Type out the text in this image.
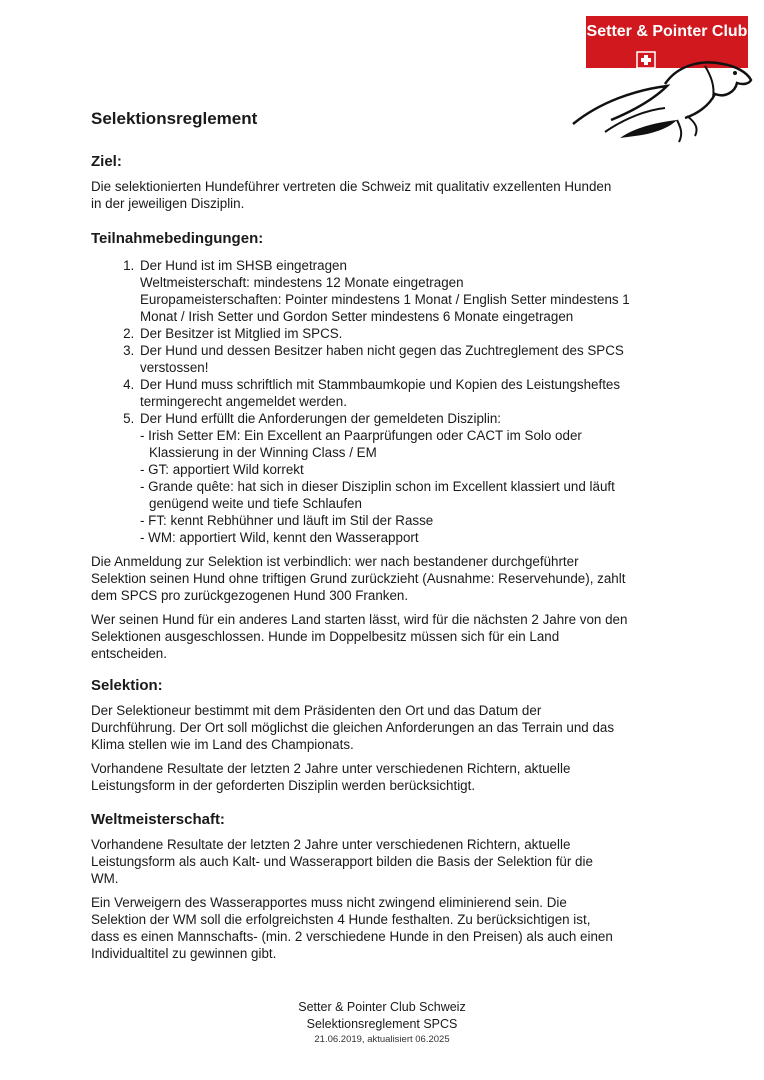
Setter & Pointer Club
Selektionsreglement
Ziel:

Die selektionierten Hundeführer vertreten die Schweiz mit qualitativ exzellenten Hunden
in der jeweiligen Disziplin.

Teilnahmebedingungen:
1. Der Hund ist im SHSB eingetragen
Weltmeisterschaft: mindestens 12 Monate eingetragen
Europameisterschaften: Pointer mindestens 1 Monat / English Setter mindestens 1
Monat / Irish Setter und Gordon Setter mindestens 6 Monate eingetragen
2. Der Besitzer ist Mitglied im SPCS.
3. Der Hund und dessen Besitzer haben nicht gegen das Zuchtreglement des SPCS
verstossen!
4. Der Hund muss schriftlich mit Stammbaumkopie und Kopien des Leistungsheftes
termingerecht angemeldet werden.
5. Der Hund erfüllt die Anforderungen der gemeldeten Disziplin:
- Irish Setter EM: Ein Excellent an Paarprüfungen oder CACT im Solo oder
Klassierung in der Winning Class / EM
- GT: apportiert Wild korrekt
- Grande quête: hat sich in dieser Disziplin schon im Excellent klassiert und läuft
genügend weite und tiefe Schlaufen
- FT: kennt Rebhühner und läuft im Stil der Rasse
- WM: apportiert Wild, kennt den Wasserapport

Die Anmeldung zur Selektion ist verbindlich: wer nach bestandener durchgeführter
Selektion seinen Hund ohne triftigen Grund zurückzieht (Ausnahme: Reservehunde), zahlt
dem SPCS pro zurückgezogenen Hund 300 Franken.

Wer seinen Hund für ein anderes Land starten lässt, wird für die nächsten 2 Jahre von den
Selektionen ausgeschlossen. Hunde im Doppelbesitz müssen sich für ein Land
entscheiden.

Selektion:

Der Selektioneur bestimmt mit dem Präsidenten den Ort und das Datum der
Durchführung. Der Ort soll möglichst die gleichen Anforderungen an das Terrain und das
Klima stellen wie im Land des Championats.

Vorhandene Resultate der letzten 2 Jahre unter verschiedenen Richtern, aktuelle
Leistungsform in der geforderten Disziplin werden berücksichtigt.

Weltmeisterschaft:

Vorhandene Resultate der letzten 2 Jahre unter verschiedenen Richtern, aktuelle
Leistungsform als auch Kalt- und Wasserapport bilden die Basis der Selektion für die
WM.

Ein Verweigern des Wasserapportes muss nicht zwingend eliminierend sein. Die
Selektion der WM soll die erfolgreichsten 4 Hunde festhalten. Zu berücksichtigen ist,
dass es einen Mannschafts- (min. 2 verschiedene Hunde in den Preisen) als auch einen
Individualtitel zu gewinnen gibt.

Setter & Pointer Club Schweiz
Selektionsreglement SPCS
21.06.2019, aktualisiert 06.2025
